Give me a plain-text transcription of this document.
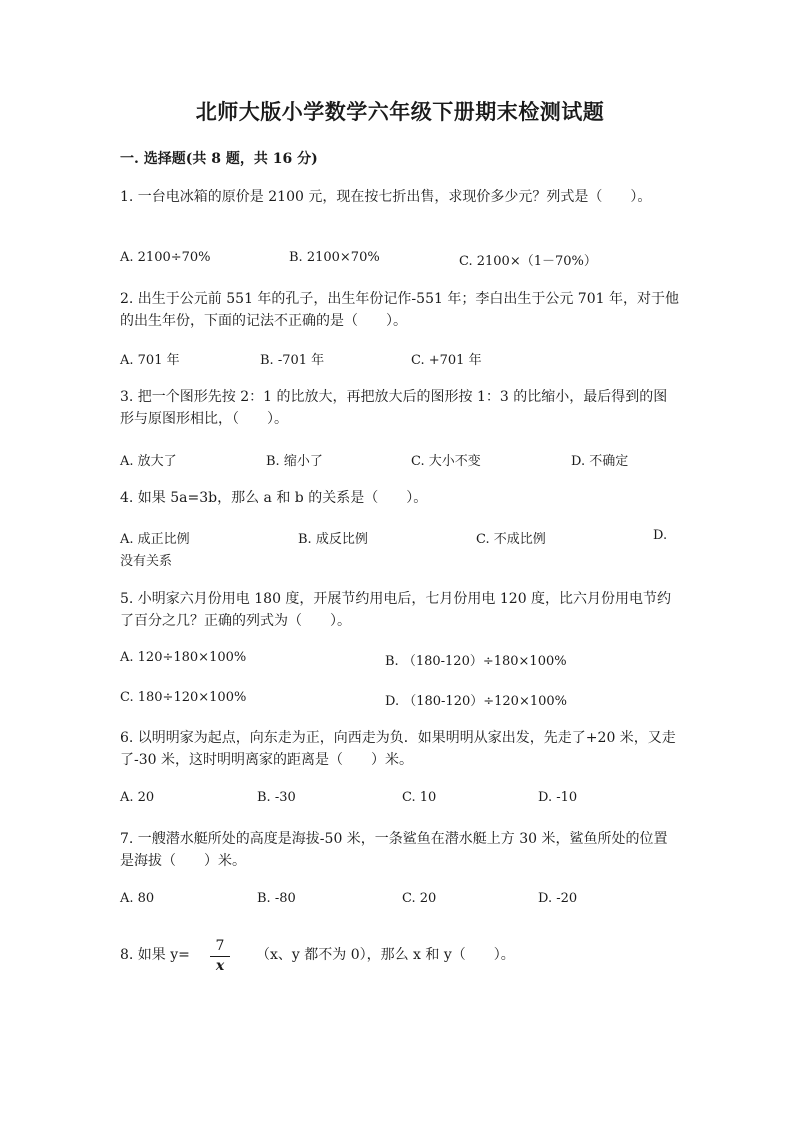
北师大版小学数学六年级下册期末检测试题
一. 选择题(共 8 题，共 16 分)
1. 一台电冰箱的原价是 2100 元，现在按七折出售，求现价多少元？列式是（　　）。
A. 2100÷70%	B. 2100×70%	C. 2100×（1－70%）
2. 出生于公元前 551 年的孔子，出生年份记作-551 年；李白出生于公元 701 年，对于他的出生年份，下面的记法不正确的是（　　）。
A. 701 年	B. -701 年	C. +701 年
3. 把一个图形先按 2：1 的比放大，再把放大后的图形按 1：3 的比缩小，最后得到的图形与原图形相比，（　　）。
A. 放大了	B. 缩小了	C. 大小不变	D. 不确定
4. 如果 5a=3b，那么 a 和 b 的关系是（　　）。
A. 成正比例	B. 成反比例	C. 不成比例	D.
没有关系
5. 小明家六月份用电 180 度，开展节约用电后，七月份用电 120 度，比六月份用电节约了百分之几？正确的列式为（　　）。
A. 120÷180×100%	B. （180-120）÷180×100%
C. 180÷120×100%	D. （180-120）÷120×100%
6. 以明明家为起点，向东走为正，向西走为负．如果明明从家出发，先走了+20 米，又走了-30 米，这时明明离家的距离是（　　）米。
A. 20	B. -30	C. 10	D. -10
7. 一艘潜水艇所处的高度是海拔-50 米，一条鲨鱼在潜水艇上方 30 米，鲨鱼所处的位置是海拔（　　）米。
A. 80	B. -80	C. 20	D. -20
8. 如果 y=
7
x
（x、y 都不为 0），那么 x 和 y（　　）。
